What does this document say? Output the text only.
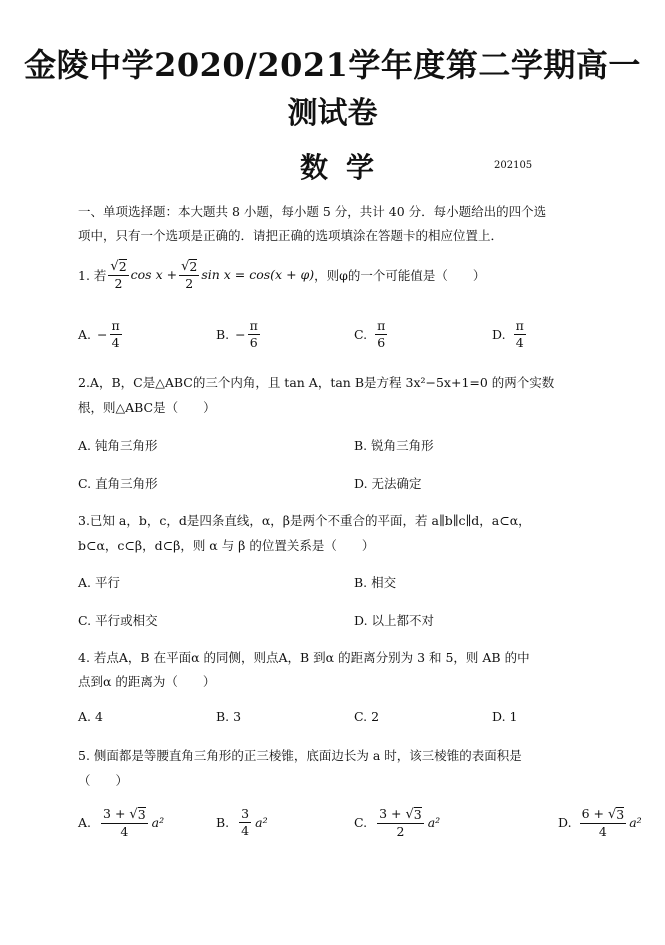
金陵中学2020/2021学年度第二学期高一
测试卷
数学	202105
一、单项选择题：本大题共 8 小题，每小题 5 分，共计 40 分．每小题给出的四个选
项中，只有一个选项是正确的．请把正确的选项填涂在答题卡的相应位置上．
1. 若 $\frac{√ 2}{2}$ $\cos x + \frac{√ 2}{2}$ sin x = cos(x + φ) ，则φ的一个可能值是（　　）
A. − $\frac{\pi}{4}$	B. − $\frac{\pi}{6}$	C. $\frac{\pi}{6}$	D. $\frac{\pi}{4}$
2.A，B，C是△ABC的三个内角，且 tan A，tan B是方程 3x²−5x+1=0 的两个实数
根，则△ABC是（　　）
A. 钝角三角形	B. 锐角三角形
C. 直角三角形	D. 无法确定
3.已知 a，b，c，d是四条直线，α，β是两个不重合的平面，若 a∥b∥c∥d，a⊂α，
b⊂α，c⊂β，d⊂β，则 α 与 β 的位置关系是（　　）
A. 平行	B. 相交
C. 平行或相交	D. 以上都不对
4. 若点A，B 在平面α 的同侧，则点A，B 到α 的距离分别为 3 和 5，则 AB 的中
点到α 的距离为（　　）
A. 4	B. 3	C. 2	D. 1
5. 侧面都是等腰直角三角形的正三棱锥，底面边长为 a 时，该三棱锥的表面积是
（　　）
A. $\frac{3 + √ 3}{4} a^2$	B. $\frac{3}{4} a^2$	C. $\frac{3 + √ 3}{2} a^2$	D. $\frac{6 + √ 3}{4} a^2$
